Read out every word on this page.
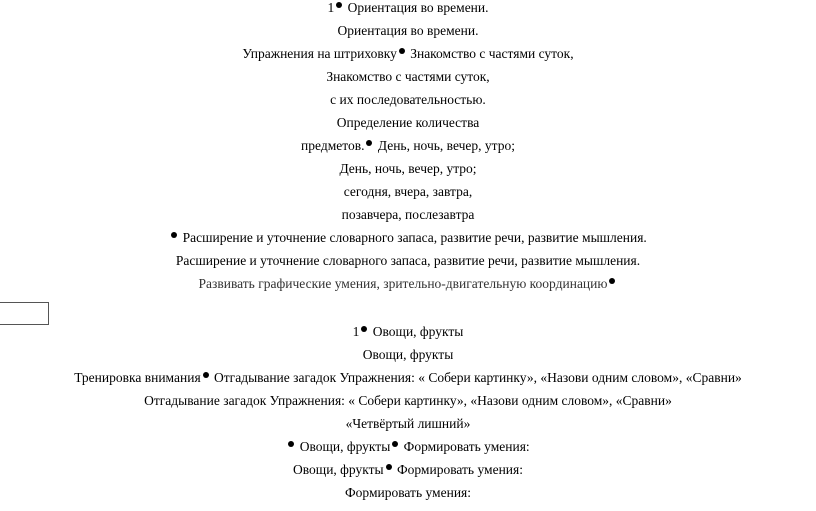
1 Ориентация во времени.
Ориентация во времени.
Упражнения на штриховку Знакомство с частями суток,
Знакомство с частями суток,
с их последовательностью.
Определение количества
предметов. День, ночь, вечер, утро;
День, ночь, вечер, утро;
сегодня, вчера, завтра,
позавчера, послезавтра
Расширение и уточнение словарного запаса, развитие речи, развитие мышления.
Расширение и уточнение словарного запаса, развитие речи, развитие мышления.
Развивать графические умения, зрительно-двигательную координацию
1 Овощи, фрукты
Овощи, фрукты
Тренировка внимания Отгадывание загадок Упражнения: « Собери картинку», «Назови одним словом», «Сравни»
Отгадывание загадок Упражнения: « Собери картинку», «Назови одним словом», «Сравни»
«Четвёртый лишний»
Овощи, фрукты Формировать умения:
Овощи, фрукты Формировать умения:
Формировать умения:
